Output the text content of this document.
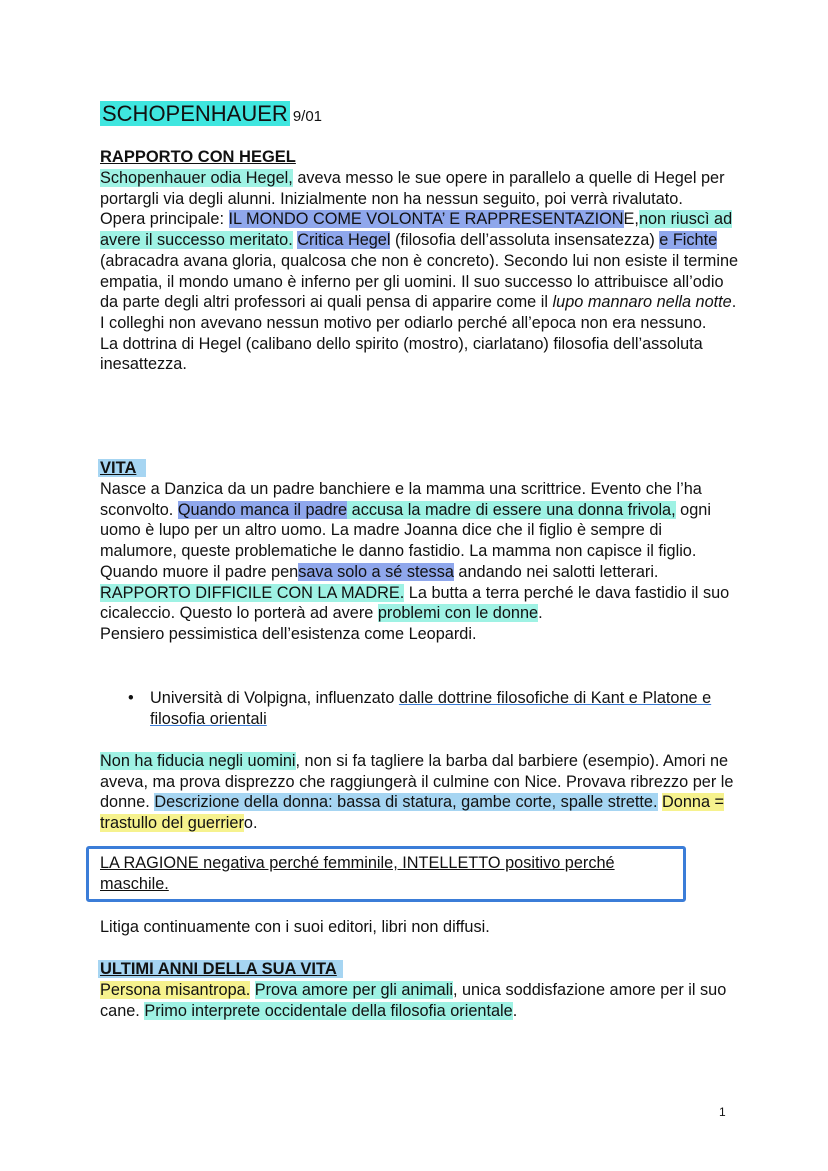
SCHOPENHAUER 9/01
RAPPORTO CON HEGEL
Schopenhauer odia Hegel, aveva messo le sue opere in parallelo a quelle di Hegel per portargli via degli alunni. Inizialmente non ha nessun seguito, poi verrà rivalutato.
Opera principale: IL MONDO COME VOLONTA’ E RAPPRESENTAZIONE,non riuscì ad avere il successo meritato. Critica Hegel (filosofia dell’assoluta insensatezza) e Fichte (abracadra avana gloria, qualcosa che non è concreto). Secondo lui non esiste il termine empatia, il mondo umano è inferno per gli uomini. Il suo successo lo attribuisce all’odio da parte degli altri professori ai quali pensa di apparire come il lupo mannaro nella notte. I colleghi non avevano nessun motivo per odiarlo perché all’epoca non era nessuno.
La dottrina di Hegel (calibano dello spirito (mostro), ciarlatano) filosofia dell’assoluta inesattezza.
VITA
Nasce a Danzica da un padre banchiere e la mamma una scrittrice. Evento che l’ha sconvolto. Quando manca il padre accusa la madre di essere una donna frivola, ogni uomo è lupo per un altro uomo. La madre Joanna dice che il figlio è sempre di malumore, queste problematiche le danno fastidio. La mamma non capisce il figlio.
Quando muore il padre pensava solo a sé stessa andando nei salotti letterari.
RAPPORTO DIFFICILE CON LA MADRE. La butta a terra perché le dava fastidio il suo cicaleccio. Questo lo porterà ad avere problemi con le donne.
Pensiero pessimistica dell’esistenza come Leopardi.
• Università di Volpigna, influenzato dalle dottrine filosofiche di Kant e Platone e filosofia orientali
Non ha fiducia negli uomini, non si fa tagliere la barba dal barbiere (esempio). Amori ne aveva, ma prova disprezzo che raggiungerà il culmine con Nice. Provava ribrezzo per le donne. Descrizione della donna: bassa di statura, gambe corte, spalle strette. Donna = trastullo del guerriero.
LA RAGIONE negativa perché femminile, INTELLETTO positivo perché maschile.
Litiga continuamente con i suoi editori, libri non diffusi.
ULTIMI ANNI DELLA SUA VITA
Persona misantropa. Prova amore per gli animali, unica soddisfazione amore per il suo cane. Primo interprete occidentale della filosofia orientale.
1
